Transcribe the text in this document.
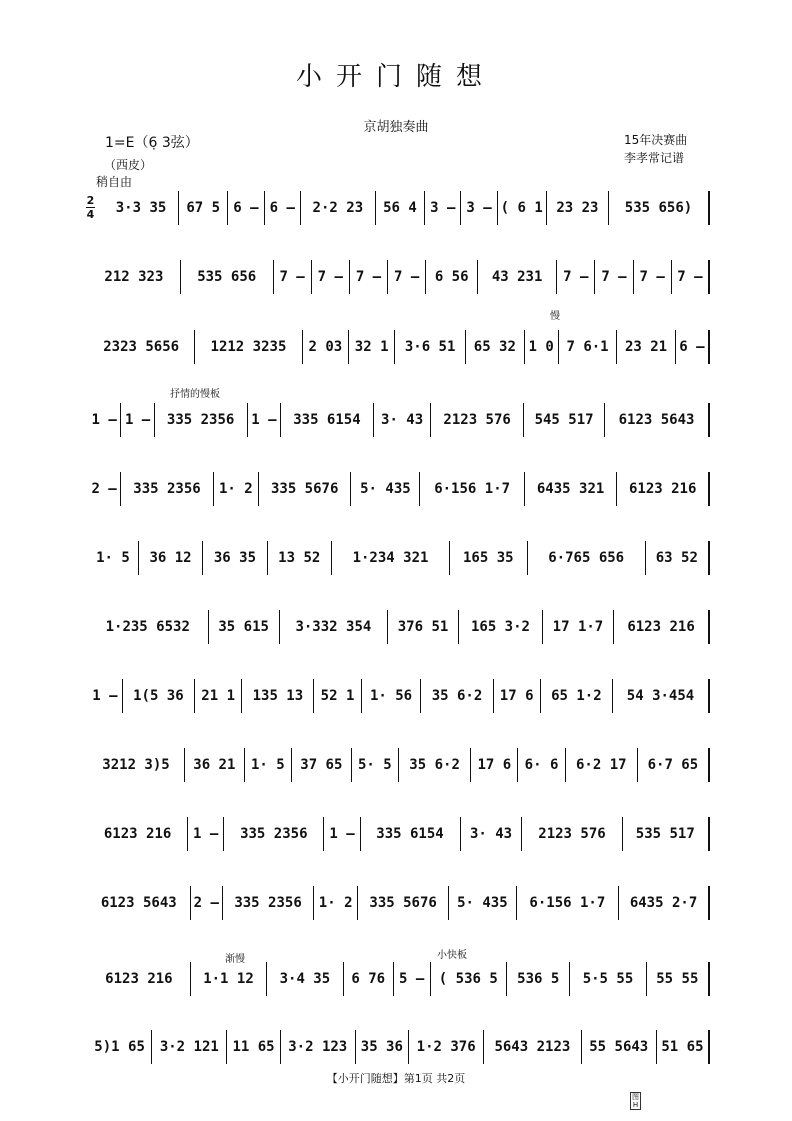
小开门随想
京胡独奏曲
1=E（6̣ 3弦）
（西皮）
15年决赛曲
李孝常记谱
稍自由
慢
抒情的慢板
渐慢	小快板
2
4	3·3 35	67 5 6 – 6 –	2·2 23	56 4 3 – 3 – ( 6 1 23 23	535 656)
212 323	535 656	7 – 7 – 7 – 7 –	6 56	43 231	7 – 7 – 7 – 7 –
2323 5656	1212 3235	2 03 32 1	3·6 51	65 32 1 0 7 6·1	23 21 6 –
1 – 1 –	335 2356	1 –	335 6154	3· 43	2123 576	545 517	6123 5643
2 –	335 2356	1· 2	335 5676	5· 435	6·156 1·7	6435 321	6123 216
1· 5	36 12	36 35	13 52	1·234 321	165 35	6·765 656	63 52
1·235 6532	35 615	3·332 354	376 51	165 3·2	17 1·7	6123 216
1 –	1(5 36	21 1	135 13	52 1	1· 56	35 6·2	17 6	65 1·2	54 3·454
3212 3)5	36 21	1· 5	37 65	5· 5	35 6·2	17 6 6· 6	6·2 17	6·7 65
6123 216	1 –	335 2356	1 –	335 6154	3· 43	2123 576	535 517
6123 5643	2 –	335 2356	1· 2	335 5676	5· 435	6·156 1·7	6435 2·7
6123 216	1·1 12	3·4 35	6 76 5 –	( 536 5	536 5	5·5 55	55 55
5)1 65	3·2 121 11 65 3·2 123 35 36 1·2 376	5643 2123	55 5643 51 65
【小开门随想】第1页 共2页
图H
